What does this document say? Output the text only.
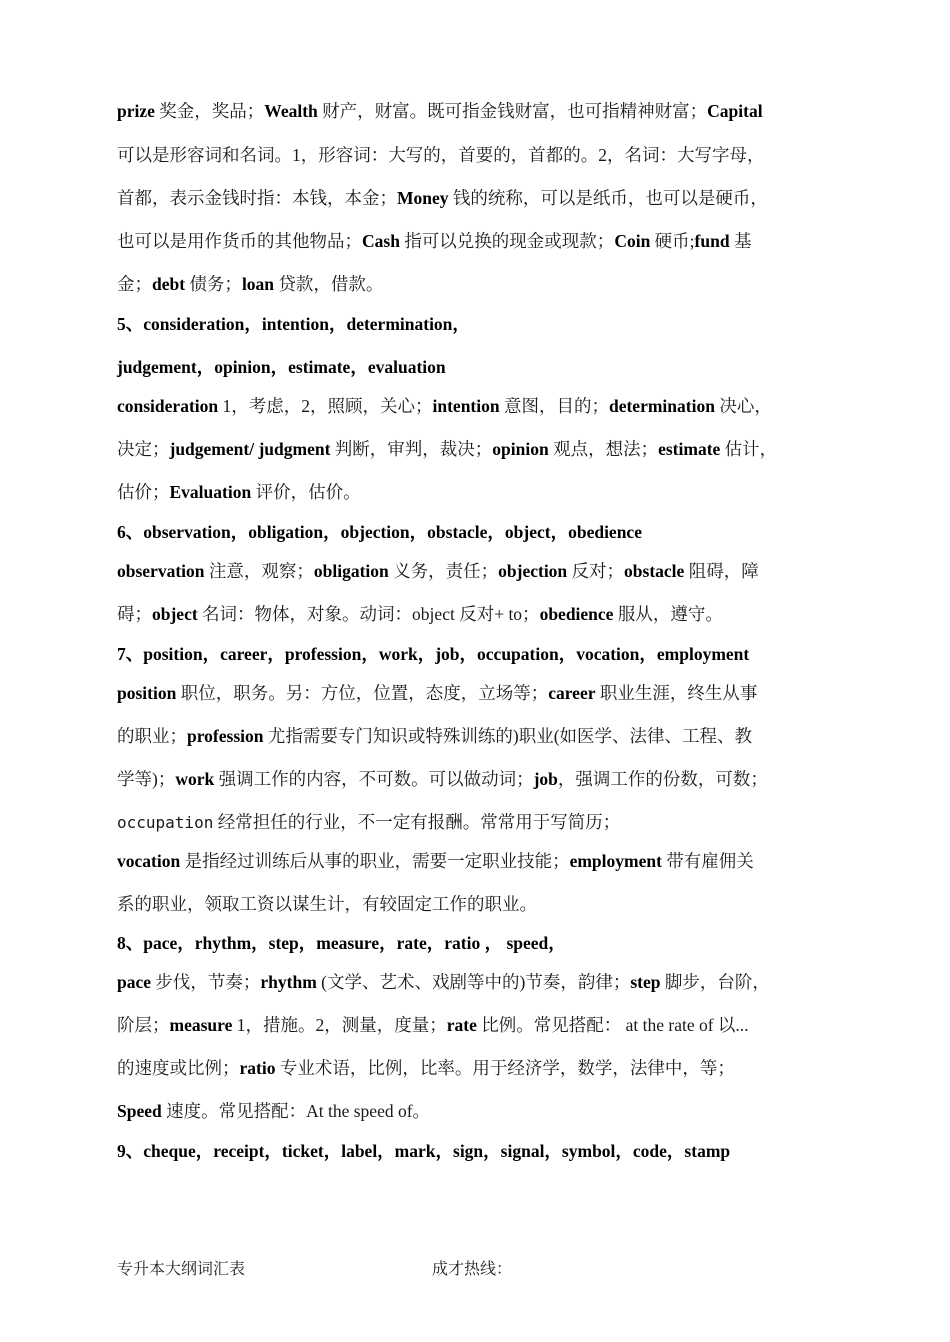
prize 奖金，奖品；Wealth 财产，财富。既可指金钱财富，也可指精神财富；Capital
可以是形容词和名词。1，形容词：大写的，首要的，首都的。2，名词：大写字母，
首都，表示金钱时指：本钱，本金；Money 钱的统称，可以是纸币，也可以是硬币，
也可以是用作货币的其他物品；Cash 指可以兑换的现金或现款；Coin 硬币;fund 基
金；debt 债务；loan 贷款，借款。
5、consideration，intention，determination，
judgement，opinion，estimate，evaluation
consideration 1，考虑，2，照顾，关心；intention 意图，目的；determination 决心，
决定；judgement/ judgment 判断，审判，裁决；opinion 观点，想法；estimate 估计，
估价；Evaluation 评价，估价。
6、observation，obligation，objection，obstacle，object，obedience
observation 注意，观察；obligation 义务，责任；objection 反对；obstacle 阻碍，障
碍；object 名词：物体，对象。动词：object 反对+ to；obedience 服从，遵守。
7、position，career，profession，work，job，occupation，vocation，employment
position 职位，职务。另：方位，位置，态度，立场等；career 职业生涯，终生从事
的职业；profession 尤指需要专门知识或特殊训练的)职业(如医学、法律、工程、教
学等)；work 强调工作的内容，不可数。可以做动词；job，强调工作的份数，可数；
occupation 经常担任的行业，不一定有报酬。常常用于写简历；
vocation 是指经过训练后从事的职业，需要一定职业技能；employment 带有雇佣关
系的职业，领取工资以谋生计，有较固定工作的职业。
8、pace，rhythm，step，measure，rate，ratio ， speed，
pace 步伐，节奏；rhythm (文学、艺术、戏剧等中的)节奏，韵律；step 脚步，台阶，
阶层；measure 1，措施。2，测量，度量；rate 比例。常见搭配： at the rate of 以...
的速度或比例；ratio 专业术语，比例，比率。用于经济学，数学，法律中，等；
Speed 速度。常见搭配：At the speed of。
9、cheque，receipt，ticket，label，mark，sign，signal，symbol，code，stamp
专升本大纲词汇表	成才热线：
